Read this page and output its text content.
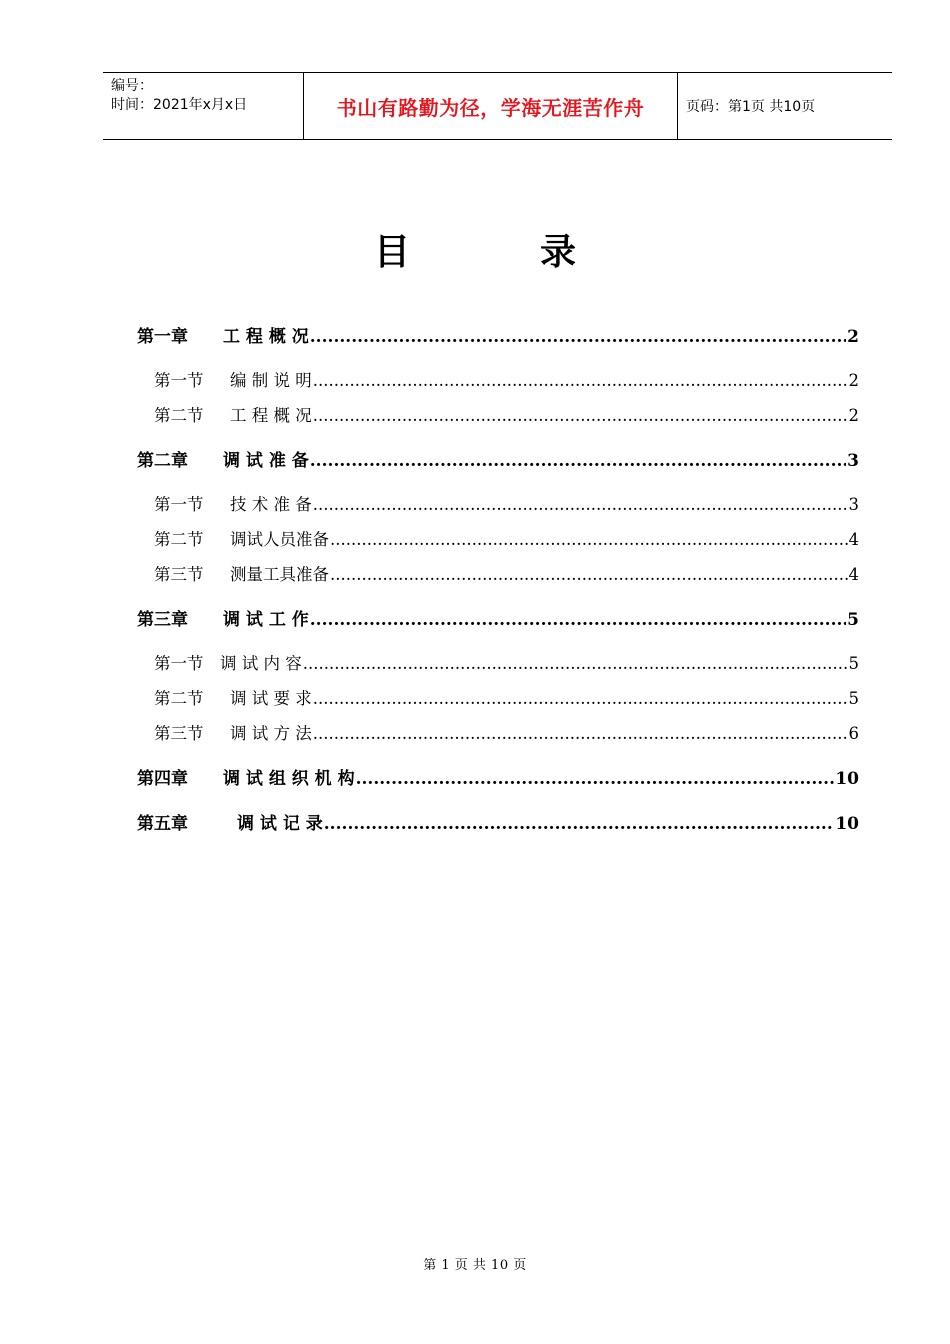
编号：
时间：2021年x月x日	书山有路勤为径，学海无涯苦作舟	页码：第1页 共10页
目	录
第一章	工 程 概 况 .....	2
第一节	编 制 说 明 .....	2
第二节	工 程 概 况 .....	2
第二章	调 试 准 备 .....	3
第一节	技 术 准 备 .....	3
第二节	调试人员准备 .....	4
第三节	测量工具准备 .....	4
第三章	调 试 工 作 .....	5
第一节	调 试 内 容 .....	5
第二节	调 试 要 求 .....	5
第三节	调 试 方 法 .....	6
第四章	调 试 组 织 机 构 .....	10
第五章	调 试 记 录 .....	10
第 1 页 共 10 页
